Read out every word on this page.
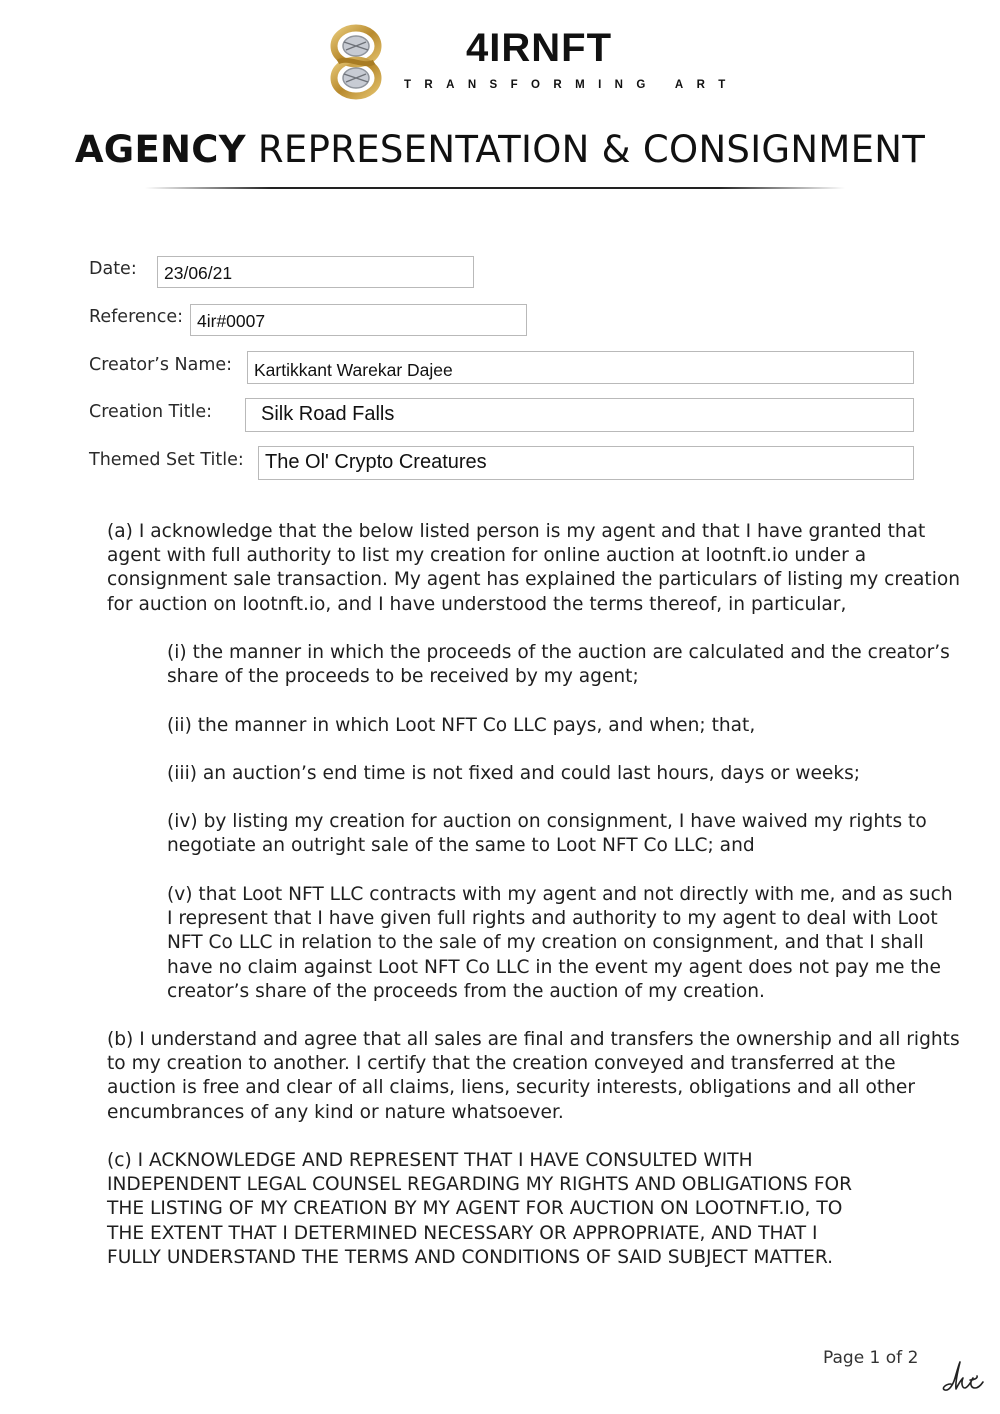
4IRNFT
TRANSFORMING ART
AGENCY REPRESENTATION & CONSIGNMENT
Date:	23/06/21
Reference: 4ir#0007
Creator’s Name:	Kartikkant Warekar Dajee
Creation Title:	Silk Road Falls
Themed Set Title:	The Ol' Crypto Creatures
(a) I acknowledge that the below listed person is my agent and that I have granted that
agent with full authority to list my creation for online auction at lootnft.io under a
consignment sale transaction. My agent has explained the particulars of listing my creation
for auction on lootnft.io, and I have understood the terms thereof, in particular,
(i) the manner in which the proceeds of the auction are calculated and the creator’s
share of the proceeds to be received by my agent;
(ii) the manner in which Loot NFT Co LLC pays, and when; that,
(iii) an auction’s end time is not fixed and could last hours, days or weeks;
(iv) by listing my creation for auction on consignment, I have waived my rights to
negotiate an outright sale of the same to Loot NFT Co LLC; and
(v) that Loot NFT LLC contracts with my agent and not directly with me, and as such
I represent that I have given full rights and authority to my agent to deal with Loot
NFT Co LLC in relation to the sale of my creation on consignment, and that I shall
have no claim against Loot NFT Co LLC in the event my agent does not pay me the
creator’s share of the proceeds from the auction of my creation.
(b) I understand and agree that all sales are final and transfers the ownership and all rights
to my creation to another. I certify that the creation conveyed and transferred at the
auction is free and clear of all claims, liens, security interests, obligations and all other
encumbrances of any kind or nature whatsoever.
(c) I ACKNOWLEDGE AND REPRESENT THAT I HAVE CONSULTED WITH
INDEPENDENT LEGAL COUNSEL REGARDING MY RIGHTS AND OBLIGATIONS FOR
THE LISTING OF MY CREATION BY MY AGENT FOR AUCTION ON LOOTNFT.IO, TO
THE EXTENT THAT I DETERMINED NECESSARY OR APPROPRIATE, AND THAT I
FULLY UNDERSTAND THE TERMS AND CONDITIONS OF SAID SUBJECT MATTER.
Page 1 of 2
